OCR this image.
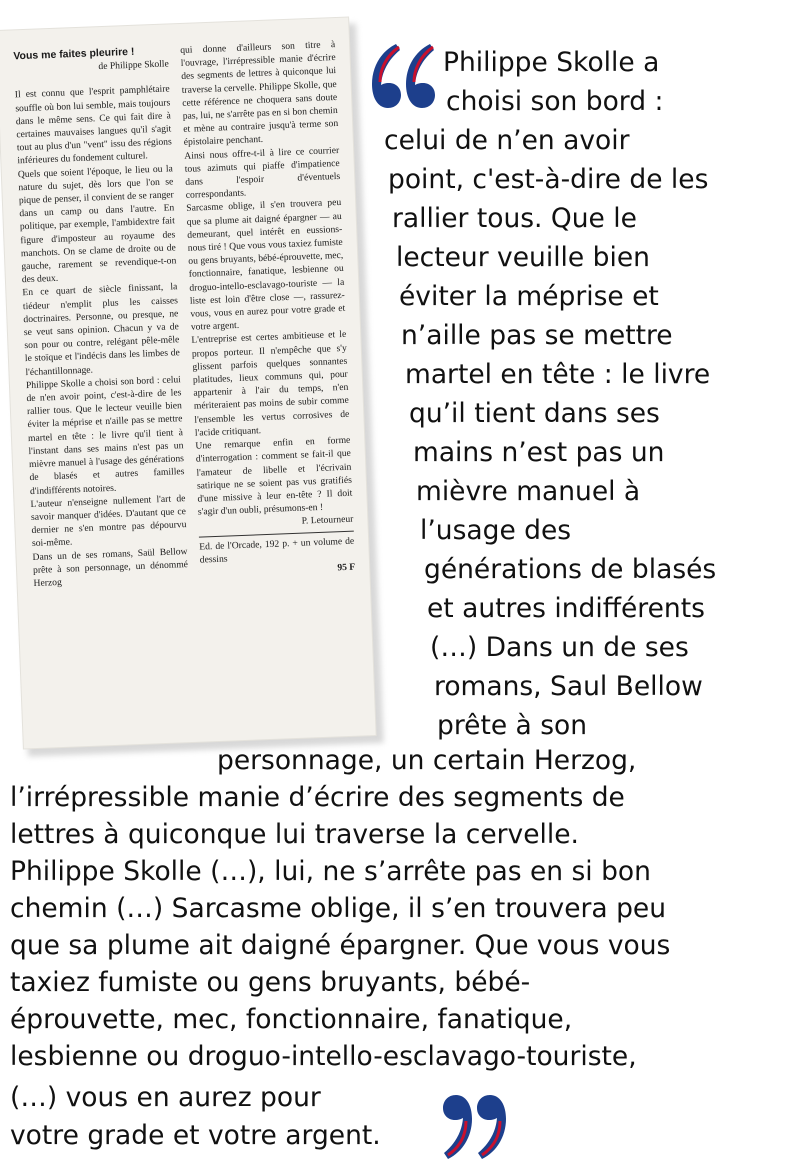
Vous me faites pleurire !
de Philippe Skolle

Il est connu que l'esprit pamphlétaire souffle où bon lui semble, mais toujours dans le même sens. Ce qui fait dire à certaines mauvaises langues qu'il s'agit tout au plus d'un "vent" issu des régions inférieures du fondement culturel.

Quels que soient l'époque, le lieu ou la nature du sujet, dès lors que l'on se pique de penser, il convient de se ranger dans un camp ou dans l'autre. En politique, par exemple, l'ambidextre fait figure d'imposteur au royaume des manchots. On se clame de droite ou de gauche, rarement se revendique-t-on des deux.

En ce quart de siècle finissant, la tiédeur n'emplit plus les caisses doctrinaires. Personne, ou presque, ne se veut sans opinion. Chacun y va de son pour ou contre, relégant pêle-mêle le stoïque et l'indécis dans les limbes de l'échantillonnage.

Philippe Skolle a choisi son bord : celui de n'en avoir point, c'est-à-dire de les rallier tous. Que le lecteur veuille bien éviter la méprise et n'aille pas se mettre martel en tête : le livre qu'il tient à l'instant dans ses mains n'est pas un mièvre manuel à l'usage des générations de blasés et autres familles d'indifférents notoires.

L'auteur n'enseigne nullement l'art de savoir manquer d'idées. D'autant que ce dernier ne s'en montre pas dépourvu soi-même.

Dans un de ses romans, Saül Bellow prête à son personnage, un dénommé Herzog

qui donne d'ailleurs son titre à l'ouvrage, l'irrépressible manie d'écrire des segments de lettres à quiconque lui traverse la cervelle. Philippe Skolle, que cette référence ne choquera sans doute pas, lui, ne s'arrête pas en si bon chemin et mène au contraire jusqu'à terme son épistolaire penchant.

Ainsi nous offre-t-il à lire ce courrier tous azimuts qui piaffe d'impatience dans l'espoir d'éventuels correspondants.

Sarcasme oblige, il s'en trouvera peu que sa plume ait daigné épargner — au demeurant, quel intérêt en eussions-nous tiré ! Que vous vous taxiez fumiste ou gens bruyants, bébé-éprouvette, mec, fonctionnaire, fanatique, lesbienne ou droguo-intello-esclavago-touriste — la liste est loin d'être close —, rassurez-vous, vous en aurez pour votre grade et votre argent.

L'entreprise est certes ambitieuse et le propos porteur. Il n'empêche que s'y glissent parfois quelques sonnantes platitudes, lieux communs qui, pour appartenir à l'air du temps, n'en mériteraient pas moins de subir comme l'ensemble les vertus corrosives de l'acide critiquant.

Une remarque enfin en forme d'interrogation : comment se fait-il que l'amateur de libelle et l'écrivain satirique ne se soient pas vus gratifiés d'une missive à leur en-tête ? Il doit s'agir d'un oubli, présumons-en !

P. Letourneur
Ed. de l'Orcade, 192 p. + un volume de dessins
95 F
Philippe Skolle a
choisi son bord :
celui de n’en avoir
point, c'est-à-dire de les
rallier tous. Que le
lecteur veuille bien
éviter la méprise et
n’aille pas se mettre
martel en tête : le livre
qu’il tient dans ses
mains n’est pas un
mièvre manuel à
l’usage des
générations de blasés
et autres indifférents
(…) Dans un de ses
romans, Saul Bellow
prête à son
personnage, un certain Herzog,
l’irrépressible manie d’écrire des segments de
lettres à quiconque lui traverse la cervelle.
Philippe Skolle (…), lui, ne s’arrête pas en si bon
chemin (…) Sarcasme oblige, il s’en trouvera peu
que sa plume ait daigné épargner. Que vous vous
taxiez fumiste ou gens bruyants, bébé-
éprouvette, mec, fonctionnaire, fanatique,
lesbienne ou droguo-intello-esclavago-touriste,
(…) vous en aurez pour
votre grade et votre argent.
